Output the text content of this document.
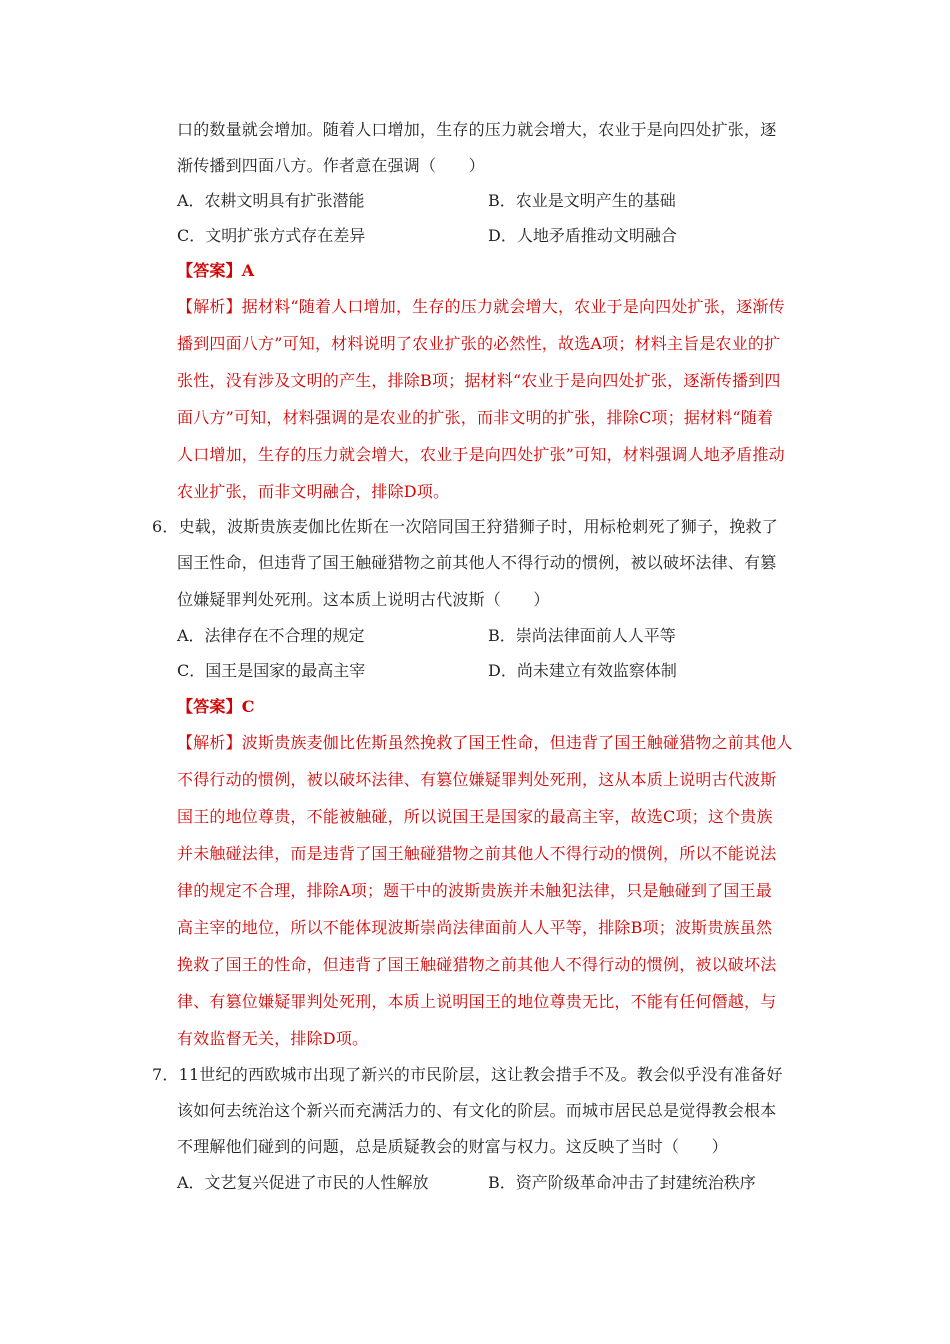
口的数量就会增加。随着人口增加，生存的压力就会增大，农业于是向四处扩张，逐
渐传播到四面八方。作者意在强调（　　）
A．农耕文明具有扩张潜能	B．农业是文明产生的基础
C．文明扩张方式存在差异	D．人地矛盾推动文明融合
【答案】A
【解析】据材料“随着人口增加，生存的压力就会增大，农业于是向四处扩张，逐渐传
播到四面八方”可知，材料说明了农业扩张的必然性，故选A项；材料主旨是农业的扩
张性，没有涉及文明的产生，排除B项；据材料“农业于是向四处扩张，逐渐传播到四
面八方”可知，材料强调的是农业的扩张，而非文明的扩张，排除C项；据材料“随着
人口增加，生存的压力就会增大，农业于是向四处扩张”可知，材料强调人地矛盾推动
农业扩张，而非文明融合，排除D项。
6．史载，波斯贵族麦伽比佐斯在一次陪同国王狩猎狮子时，用标枪刺死了狮子，挽救了
国王性命，但违背了国王触碰猎物之前其他人不得行动的惯例，被以破坏法律、有篡
位嫌疑罪判处死刑。这本质上说明古代波斯（　　）
A．法律存在不合理的规定	B．崇尚法律面前人人平等
C．国王是国家的最高主宰	D．尚未建立有效监察体制
【答案】C
【解析】波斯贵族麦伽比佐斯虽然挽救了国王性命，但违背了国王触碰猎物之前其他人
不得行动的惯例，被以破坏法律、有篡位嫌疑罪判处死刑，这从本质上说明古代波斯
国王的地位尊贵，不能被触碰，所以说国王是国家的最高主宰，故选C项；这个贵族
并未触碰法律，而是违背了国王触碰猎物之前其他人不得行动的惯例，所以不能说法
律的规定不合理，排除A项；题干中的波斯贵族并未触犯法律，只是触碰到了国王最
高主宰的地位，所以不能体现波斯崇尚法律面前人人平等，排除B项；波斯贵族虽然
挽救了国王的性命，但违背了国王触碰猎物之前其他人不得行动的惯例，被以破坏法
律、有篡位嫌疑罪判处死刑，本质上说明国王的地位尊贵无比，不能有任何僭越，与
有效监督无关，排除D项。
7．11世纪的西欧城市出现了新兴的市民阶层，这让教会措手不及。教会似乎没有准备好
该如何去统治这个新兴而充满活力的、有文化的阶层。而城市居民总是觉得教会根本
不理解他们碰到的问题，总是质疑教会的财富与权力。这反映了当时（　　）
A．文艺复兴促进了市民的人性解放	B．资产阶级革命冲击了封建统治秩序
